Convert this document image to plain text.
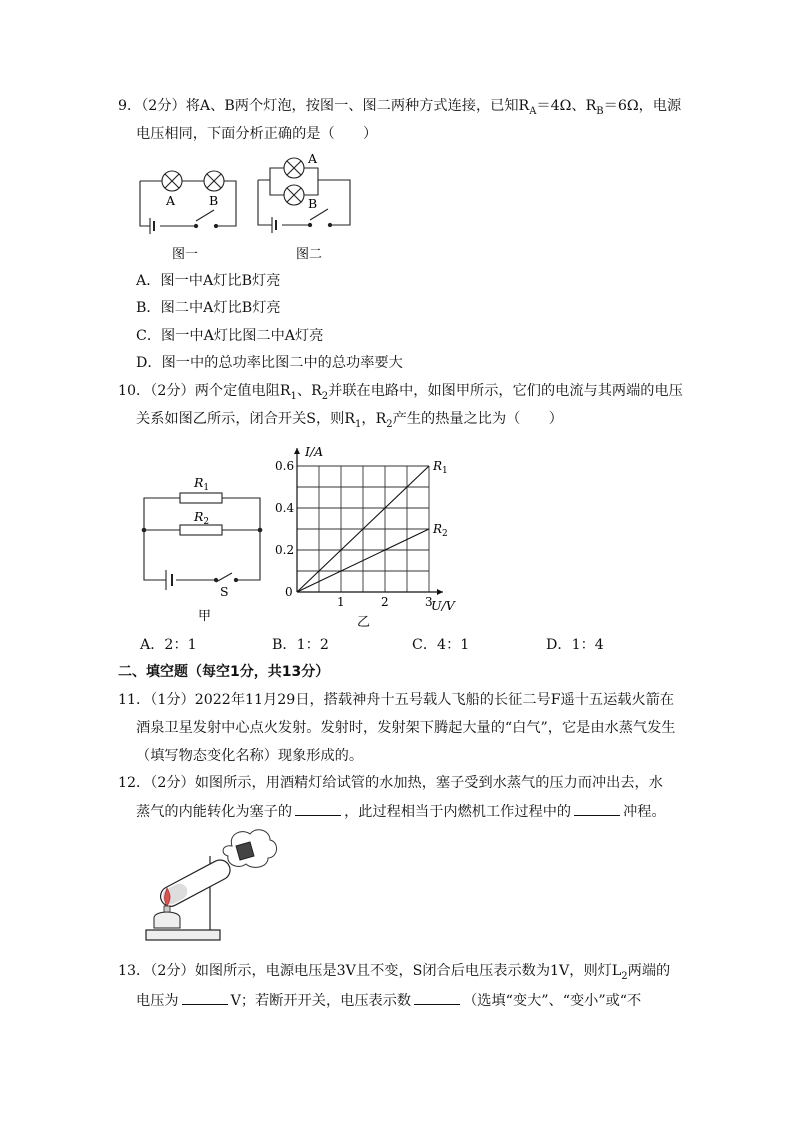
9．（2分）将A、B两个灯泡，按图一、图二两种方式连接，已知$R_A=4\Omega$、$R_B=6\Omega$，电源
电压相同，下面分析正确的是（　　）
A	B
图一
A
B
图二
A．图一中A灯比B灯亮
B．图二中A灯比B灯亮
C．图一中A灯比图二中A灯亮
D．图一中的总功率比图二中的总功率要大
10．（2分）两个定值电阻$R_1$、$R_2$并联在电路中，如图甲所示，它们的电流与其两端的电压
关系如图乙所示，闭合开关S，则$R_1$，$R_2$产生的热量之比为（　　）
$R_1$
$R_2$
S
甲
I/A
U/V
0
1	2	3
0.2
0.4
0.6	$R_1$
$R_2$
乙
A．2：1	B．1：2	C．4：1	D．1：4
二、填空题（每空1分，共13分）
11．（1分）2022年11月29日，搭载神舟十五号载人飞船的长征二号F遥十五运载火箭在
酒泉卫星发射中心点火发射。发射时，发射架下腾起大量的“白气”，它是由水蒸气发生
（填写物态变化名称）现象形成的。
12．（2分）如图所示，用酒精灯给试管的水加热，塞子受到水蒸气的压力而冲出去，水
蒸气的内能转化为塞子的	，此过程相当于内燃机工作过程中的	冲程。
13．（2分）如图所示，电源电压是3V且不变，S闭合后电压表示数为1V，则灯$L_2$两端的
电压为	V；若断开开关，电压表示数	（选填“变大”、“变小”或“不
